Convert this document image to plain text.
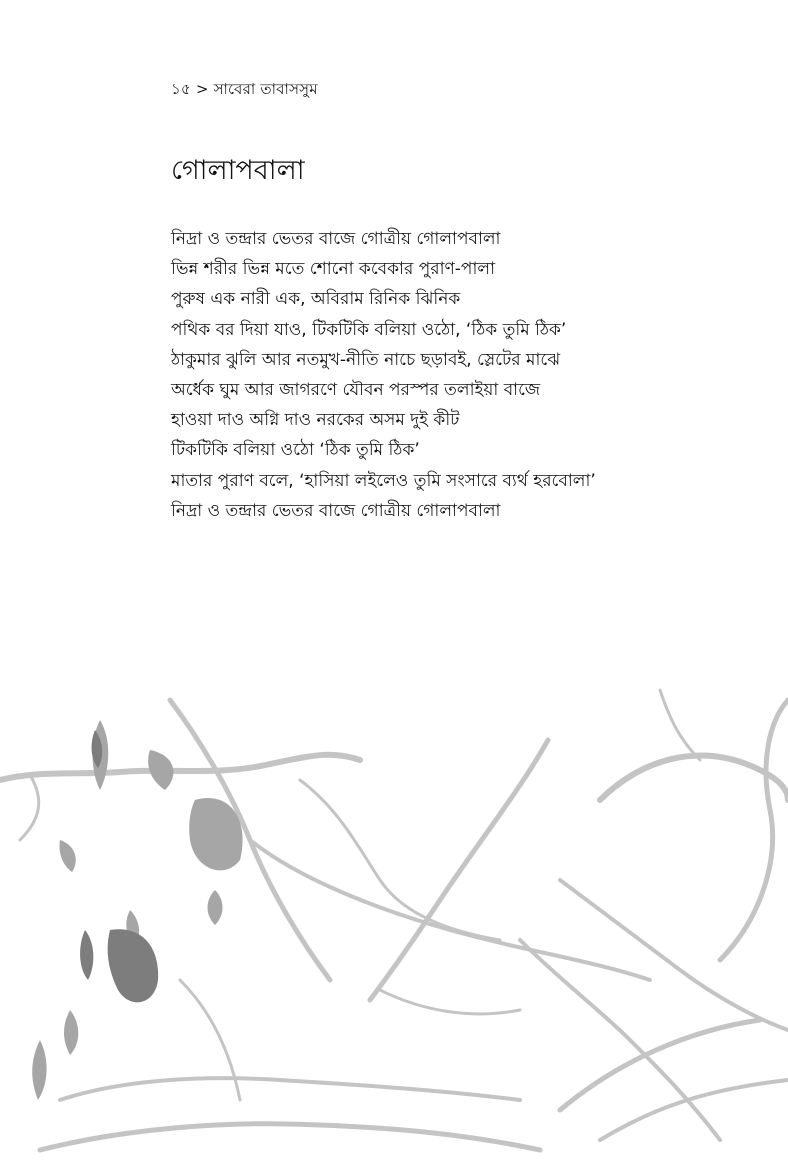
১৫ > সাবেরা তাবাসসুম
গোলাপবালা
নিদ্রা ও তন্দ্রার ভেতর বাজে গোত্রীয় গোলাপবালা
ভিন্ন শরীর ভিন্ন মতে শোনো কবেকার পুরাণ-পালা
পুরুষ এক নারী এক, অবিরাম রিনিক ঝিনিক
পথিক বর দিয়া যাও, টিকটিকি বলিয়া ওঠো, ‘ঠিক তুমি ঠিক’
ঠাকুমার ঝুলি আর নতমুখ-নীতি নাচে ছড়াবই, স্লেটের মাঝে
অর্ধেক ঘুম আর জাগরণে যৌবন পরস্পর তলাইয়া বাজে
হাওয়া দাও অগ্নি দাও নরকের অসম দুই কীট
টিকটিকি বলিয়া ওঠো ‘ঠিক তুমি ঠিক’
মাতার পুরাণ বলে, ‘হাসিয়া লইলেও তুমি সংসারে ব্যর্থ হরবোলা’
নিদ্রা ও তন্দ্রার ভেতর বাজে গোত্রীয় গোলাপবালা
